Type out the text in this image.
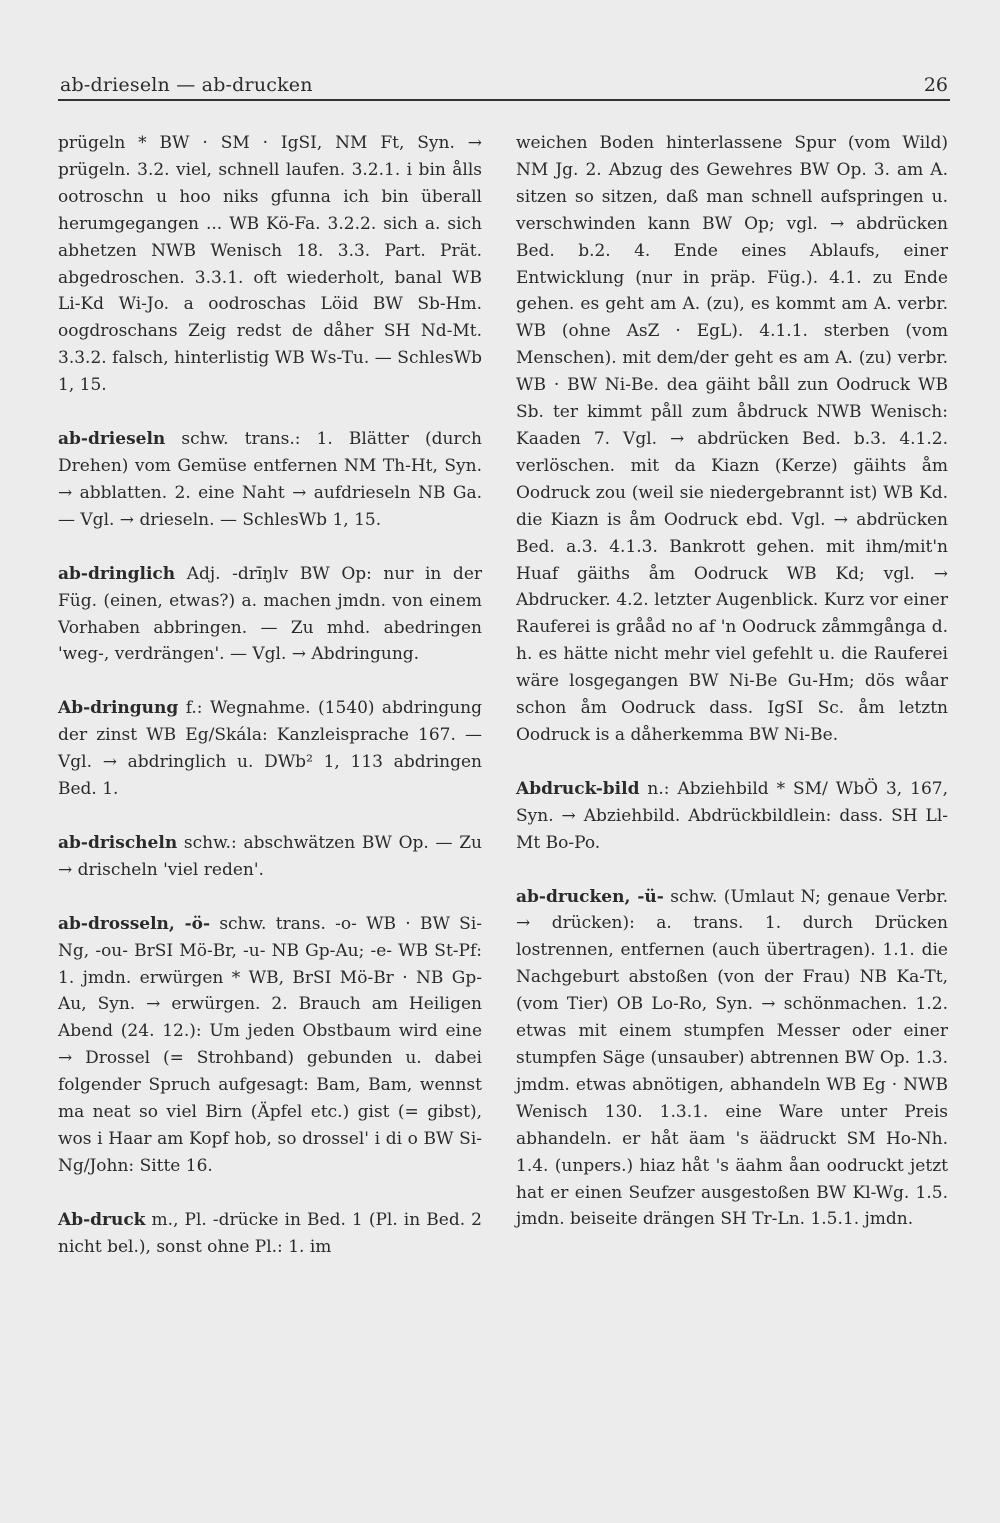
ab-drieseln — ab-drucken	26

prügeln * BW · SM · IgSI, NM Ft, Syn. → prügeln. 3.2. viel, schnell laufen. 3.2.1. i bin ålls ootroschn u hoo niks gfunna ich bin überall herumgegangen ... WB Kö-Fa. 3.2.2. sich a. sich abhetzen NWB Wenisch 18. 3.3. Part. Prät. abgedroschen. 3.3.1. oft wiederholt, banal WB Li-Kd Wi-Jo. a oodroschas Löid BW Sb-Hm. oogdroschans Zeig redst de dåher SH Nd-Mt. 3.3.2. falsch, hinterlistig WB Ws-Tu. — SchlesWb 1, 15.

ab-drieseln schw. trans.: 1. Blätter (durch Drehen) vom Gemüse entfernen NM Th-Ht, Syn. → abblatten. 2. eine Naht → aufdrieseln NB Ga. — Vgl. → drieseln. — SchlesWb 1, 15.

ab-dringlich Adj. -drīŋlv BW Op: nur in der Füg. (einen, etwas?) a. machen jmdn. von einem Vorhaben abbringen. — Zu mhd. abedringen 'weg-, verdrängen'. — Vgl. → Abdringung.

Ab-dringung f.: Wegnahme. (1540) abdringung der zinst WB Eg/Skála: Kanzleisprache 167. — Vgl. → abdringlich u. DWb² 1, 113 abdringen Bed. 1.

ab-drischeln schw.: abschwätzen BW Op. — Zu → drischeln 'viel reden'.

ab-drosseln, -ö- schw. trans. -o- WB · BW Si-Ng, -ou- BrSI Mö-Br, -u- NB Gp-Au; -e- WB St-Pf: 1. jmdn. erwürgen * WB, BrSI Mö-Br · NB Gp-Au, Syn. → erwürgen. 2. Brauch am Heiligen Abend (24. 12.): Um jeden Obstbaum wird eine → Drossel (= Strohband) gebunden u. dabei folgender Spruch aufgesagt: Bam, Bam, wennst ma neat so viel Birn (Äpfel etc.) gist (= gibst), wos i Haar am Kopf hob, so drossel' i di o BW Si-Ng/John: Sitte 16.

Ab-druck m., Pl. -drücke in Bed. 1 (Pl. in Bed. 2 nicht bel.), sonst ohne Pl.: 1. im

weichen Boden hinterlassene Spur (vom Wild) NM Jg. 2. Abzug des Gewehres BW Op. 3. am A. sitzen so sitzen, daß man schnell aufspringen u. verschwinden kann BW Op; vgl. → abdrücken Bed. b.2. 4. Ende eines Ablaufs, einer Entwicklung (nur in präp. Füg.). 4.1. zu Ende gehen. es geht am A. (zu), es kommt am A. verbr. WB (ohne AsZ · EgL). 4.1.1. sterben (vom Menschen). mit dem/der geht es am A. (zu) verbr. WB · BW Ni-Be. dea gäiht båll zun Oodruck WB Sb. ter kimmt påll zum åbdruck NWB Wenisch: Kaaden 7. Vgl. → abdrücken Bed. b.3. 4.1.2. verlöschen. mit da Kiazn (Kerze) gäihts åm Oodruck zou (weil sie niedergebrannt ist) WB Kd. die Kiazn is åm Oodruck ebd. Vgl. → abdrücken Bed. a.3. 4.1.3. Bankrott gehen. mit ihm/mit'n Huaf gäiths åm Oodruck WB Kd; vgl. → Abdrucker. 4.2. letzter Augenblick. Kurz vor einer Rauferei is grååd no af 'n Oodruck zåmmgånga d. h. es hätte nicht mehr viel gefehlt u. die Rauferei wäre losgegangen BW Ni-Be Gu-Hm; dös wåar schon åm Oodruck dass. IgSI Sc. åm letztn Oodruck is a dåherkemma BW Ni-Be.

Abdruck-bild n.: Abziehbild * SM/ WbÖ 3, 167, Syn. → Abziehbild. Abdrückbildlein: dass. SH Ll-Mt Bo-Po.

ab-drucken, -ü- schw. (Umlaut N; genaue Verbr. → drücken): a. trans. 1. durch Drücken lostrennen, entfernen (auch übertragen). 1.1. die Nachgeburt abstoßen (von der Frau) NB Ka-Tt, (vom Tier) OB Lo-Ro, Syn. → schönmachen. 1.2. etwas mit einem stumpfen Messer oder einer stumpfen Säge (unsauber) abtrennen BW Op. 1.3. jmdm. etwas abnötigen, abhandeln WB Eg · NWB Wenisch 130. 1.3.1. eine Ware unter Preis abhandeln. er håt äam 's äädruckt SM Ho-Nh. 1.4. (unpers.) hiaz håt 's äahm åan oodruckt jetzt hat er einen Seufzer ausgestoßen BW Kl-Wg. 1.5. jmdn. beiseite drängen SH Tr-Ln. 1.5.1. jmdn.
